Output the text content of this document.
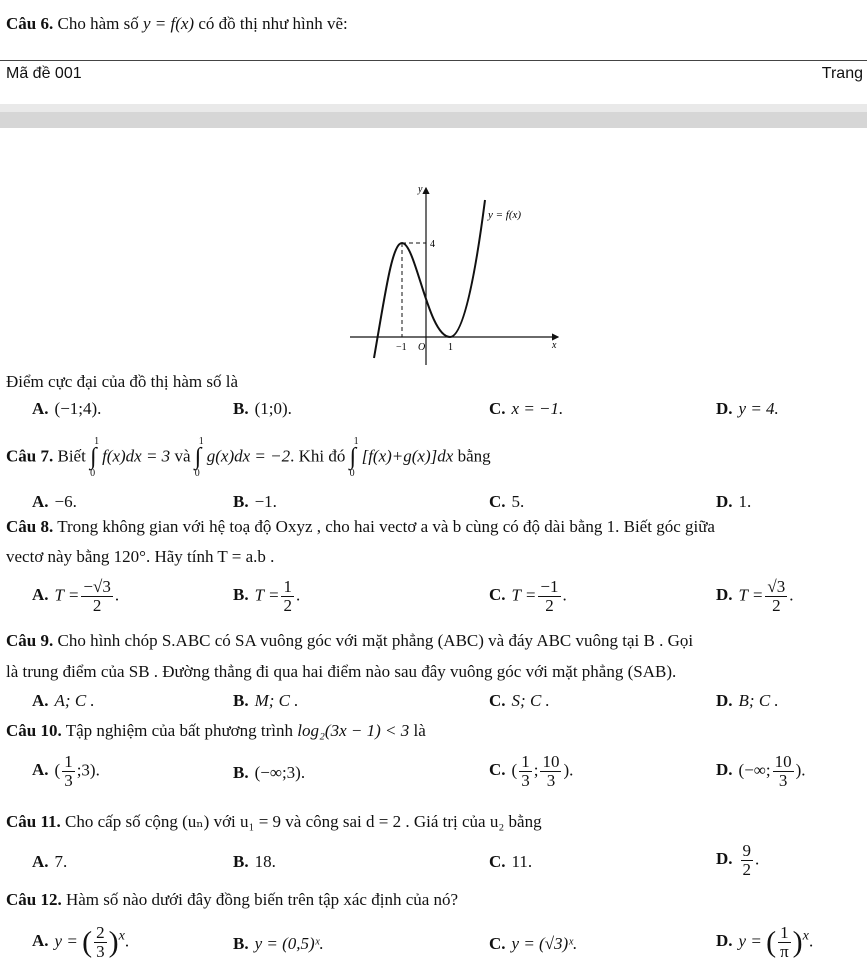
Câu 6. Cho hàm số y = f(x) có đồ thị như hình vẽ:
Mã đề 001	Trang
y
x
y = f(x)
4
−1 O 1
Điểm cực đại của đồ thị hàm số là
A. (−1;4).	B. (1;0).	C. x = −1.	D. y = 4.
Câu 7. Biết ∫
1
0
f(x)dx = 3 và ∫
1
0
g(x)dx = −2. Khi đó ∫
1
0
[f(x)+g(x)]dx bằng
A. −6.	B. −1.	C. 5.	D. 1.
Câu 8. Trong không gian với hệ toạ độ Oxyz , cho hai vectơ a và b cùng có độ dài bằng 1. Biết góc giữa
vectơ này bằng 120°. Hãy tính T = a.b .
A. $T = \frac{-√3}{2}$ .	B. $T = \frac{1}{2}$ .	C. $T = \frac{-1}{2}$ .	D. $T = \frac{√3}{2}$ .
Câu 9. Cho hình chóp S.ABC có SA vuông góc với mặt phẳng (ABC) và đáy ABC vuông tại B . Gọi
là trung điểm của SB . Đường thẳng đi qua hai điểm nào sau đây vuông góc với mặt phẳng (SAB).
A. A; C .	B. M; C .	C. S; C .	D. B; C .
Câu 10. Tập nghiệm của bất phương trình log₂(3x − 1) < 3 là
A. ( $\frac{1}{3}$ ;3).	B. (−∞;3).	C. ( $\frac{1}{3}$ ; $\frac{10}{3}$ ).	D. (−∞; $\frac{10}{3}$ ).
Câu 11. Cho cấp số cộng (uₙ) với u₁ = 9 và công sai d = 2 . Giá trị của u₂ bằng
A. 7.	B. 18.	C. 11.	D. $\frac{9}{2}$ .
Câu 12. Hàm số nào dưới đây đồng biến trên tập xác định của nó?
A. y = ( $\frac{2}{3} )^x$.	B. y = (0,5)ˣ.	C. y = (√3)ˣ.	D. y = ( $\frac{1}{\pi} )^x$.
